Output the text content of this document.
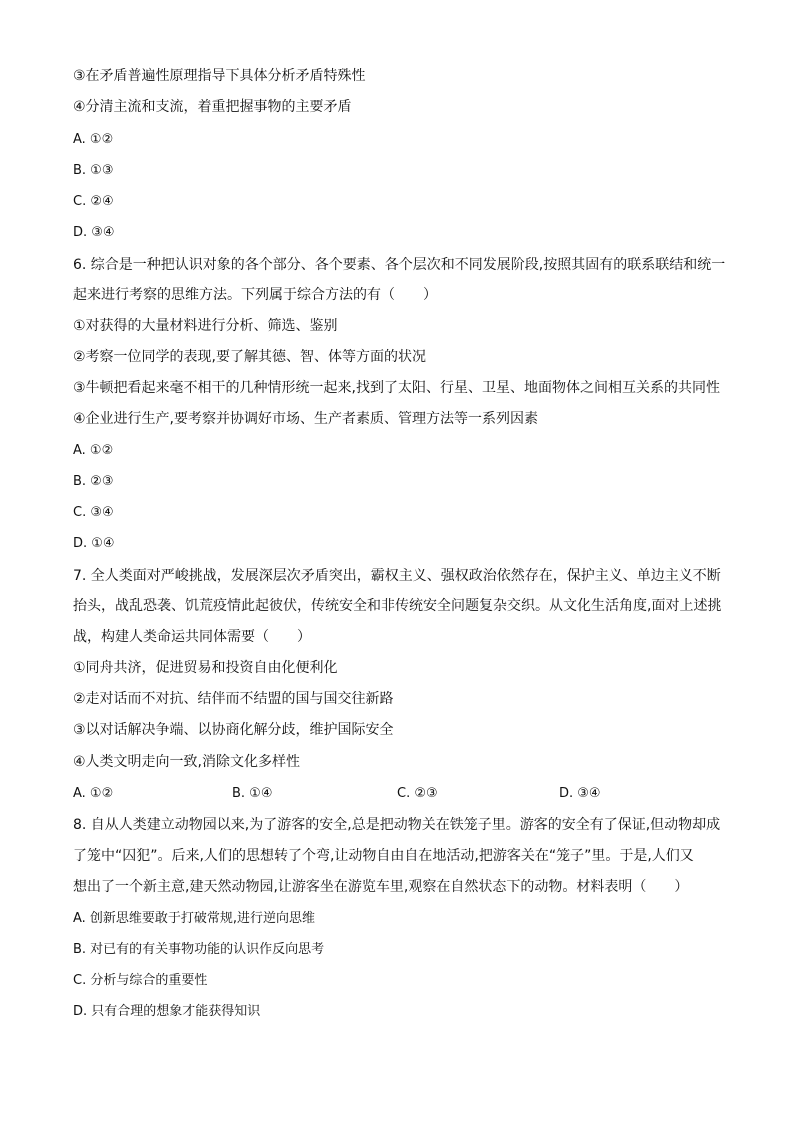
③在矛盾普遍性原理指导下具体分析矛盾特殊性
④分清主流和支流，着重把握事物的主要矛盾
A. ①②
B. ①③
C. ②④
D. ③④
6. 综合是一种把认识对象的各个部分、各个要素、各个层次和不同发展阶段,按照其固有的联系联结和统一
起来进行考察的思维方法。下列属于综合方法的有（　　）
①对获得的大量材料进行分析、筛选、鉴别
②考察一位同学的表现,要了解其德、智、体等方面的状况
③牛顿把看起来毫不相干的几种情形统一起来,找到了太阳、行星、卫星、地面物体之间相互关系的共同性
④企业进行生产,要考察并协调好市场、生产者素质、管理方法等一系列因素
A. ①②
B. ②③
C. ③④
D. ①④
7. 全人类面对严峻挑战，发展深层次矛盾突出，霸权主义、强权政治依然存在，保护主义、单边主义不断
抬头，战乱恐袭、饥荒疫情此起彼伏，传统安全和非传统安全问题复杂交织。从文化生活角度,面对上述挑
战，构建人类命运共同体需要（　　）
①同舟共济，促进贸易和投资自由化便利化
②走对话而不对抗、结伴而不结盟的国与国交往新路
③以对话解决争端、以协商化解分歧，维护国际安全
④人类文明走向一致,消除文化多样性
A. ①②	B. ①④	C. ②③	D. ③④
8. 自从人类建立动物园以来,为了游客的安全,总是把动物关在铁笼子里。游客的安全有了保证,但动物却成
了笼中“囚犯”。后来,人们的思想转了个弯,让动物自由自在地活动,把游客关在“笼子”里。于是,人们又
想出了一个新主意,建天然动物园,让游客坐在游览车里,观察在自然状态下的动物。材料表明（　　）
A. 创新思维要敢于打破常规,进行逆向思维
B. 对已有的有关事物功能的认识作反向思考
C. 分析与综合的重要性
D. 只有合理的想象才能获得知识
